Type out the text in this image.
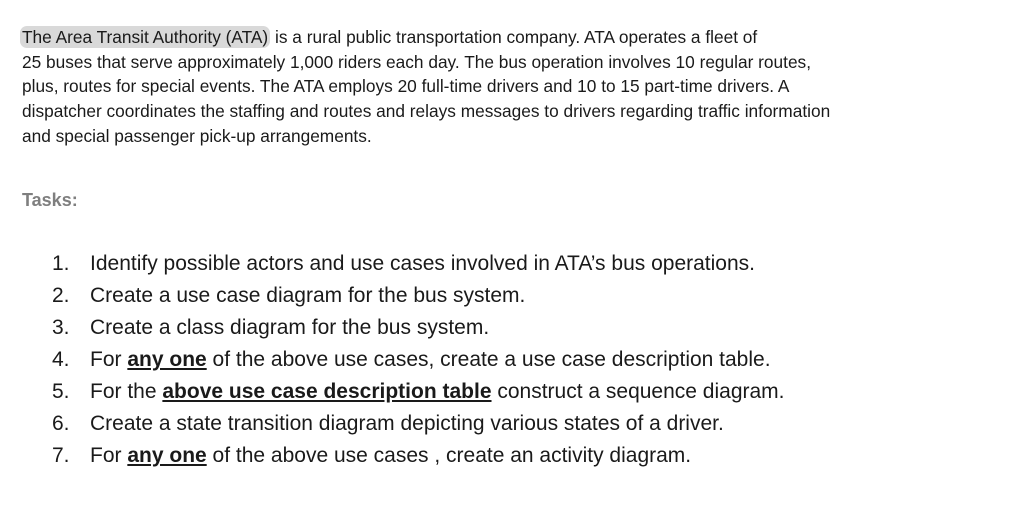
The Area Transit Authority (ATA) is a rural public transportation company. ATA operates a fleet of
25 buses that serve approximately 1,000 riders each day. The bus operation involves 10 regular routes,
plus, routes for special events. The ATA employs 20 full-time drivers and 10 to 15 part-time drivers. A
dispatcher coordinates the staffing and routes and relays messages to drivers regarding traffic information
and special passenger pick-up arrangements.
Tasks:
1. Identify possible actors and use cases involved in ATA’s bus operations.
2. Create a use case diagram for the bus system.
3. Create a class diagram for the bus system.
4. For any one of the above use cases, create a use case description table.
5. For the above use case description table construct a sequence diagram.
6. Create a state transition diagram depicting various states of a driver.
7. For any one of the above use cases , create an activity diagram.
